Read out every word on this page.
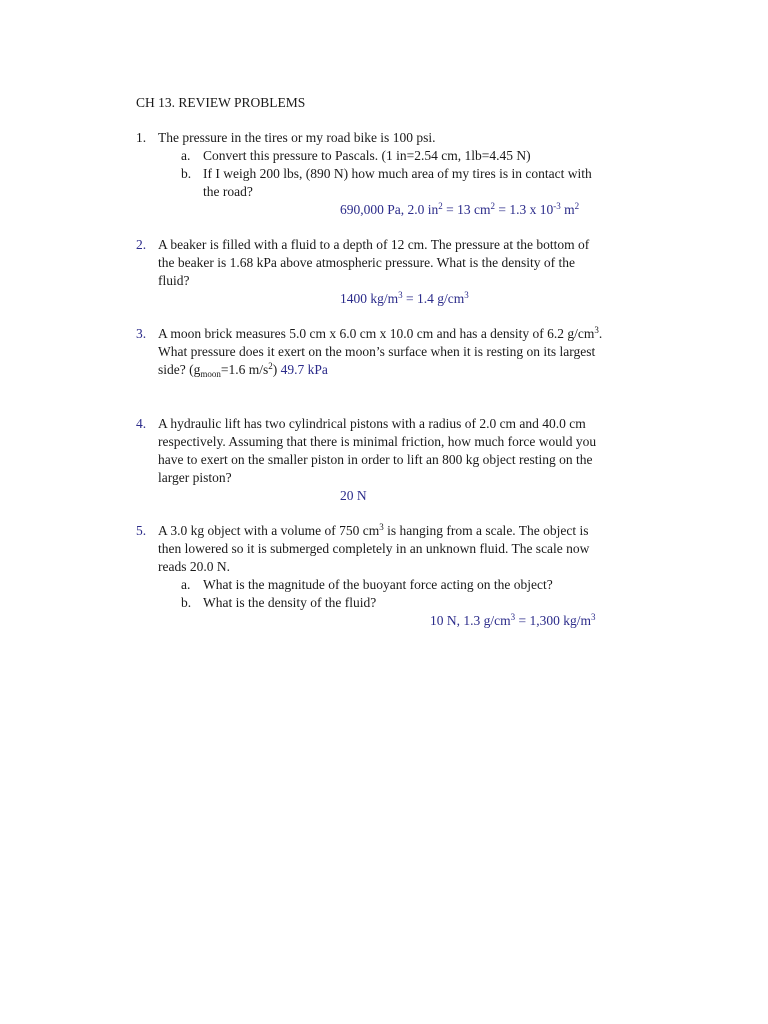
CH 13. REVIEW PROBLEMS
1. The pressure in the tires or my road bike is 100 psi.
a. Convert this pressure to Pascals. (1 in=2.54 cm, 1lb=4.45 N)
b. If I weigh 200 lbs, (890 N) how much area of my tires is in contact with
the road?
690,000 Pa, 2.0 $in^2 = 13$ $cm^2 = 1.3$ x $10^{-3}$ $m^2$
2. A beaker is filled with a fluid to a depth of 12 cm. The pressure at the bottom of
the beaker is 1.68 kPa above atmospheric pressure. What is the density of the
fluid?
1400 $kg/m^3 = 1.4$ $g/cm^3$
3. A moon brick measures 5.0 cm x 6.0 cm x 10.0 cm and has a density of 6.2 $g/cm^3$.
What pressure does it exert on the moon’s surface when it is resting on its largest
side? ($g_{moon}=1.6$ $m/s^2$) 49.7 kPa
4. A hydraulic lift has two cylindrical pistons with a radius of 2.0 cm and 40.0 cm
respectively. Assuming that there is minimal friction, how much force would you
have to exert on the smaller piston in order to lift an 800 kg object resting on the
larger piston?
20 N
5. A 3.0 kg object with a volume of 750 $cm^3$ is hanging from a scale. The object is
then lowered so it is submerged completely in an unknown fluid. The scale now
reads 20.0 N.
a. What is the magnitude of the buoyant force acting on the object?
b. What is the density of the fluid?
10 N, 1.3 $g/cm^3 = 1,300$ $kg/m^3$
